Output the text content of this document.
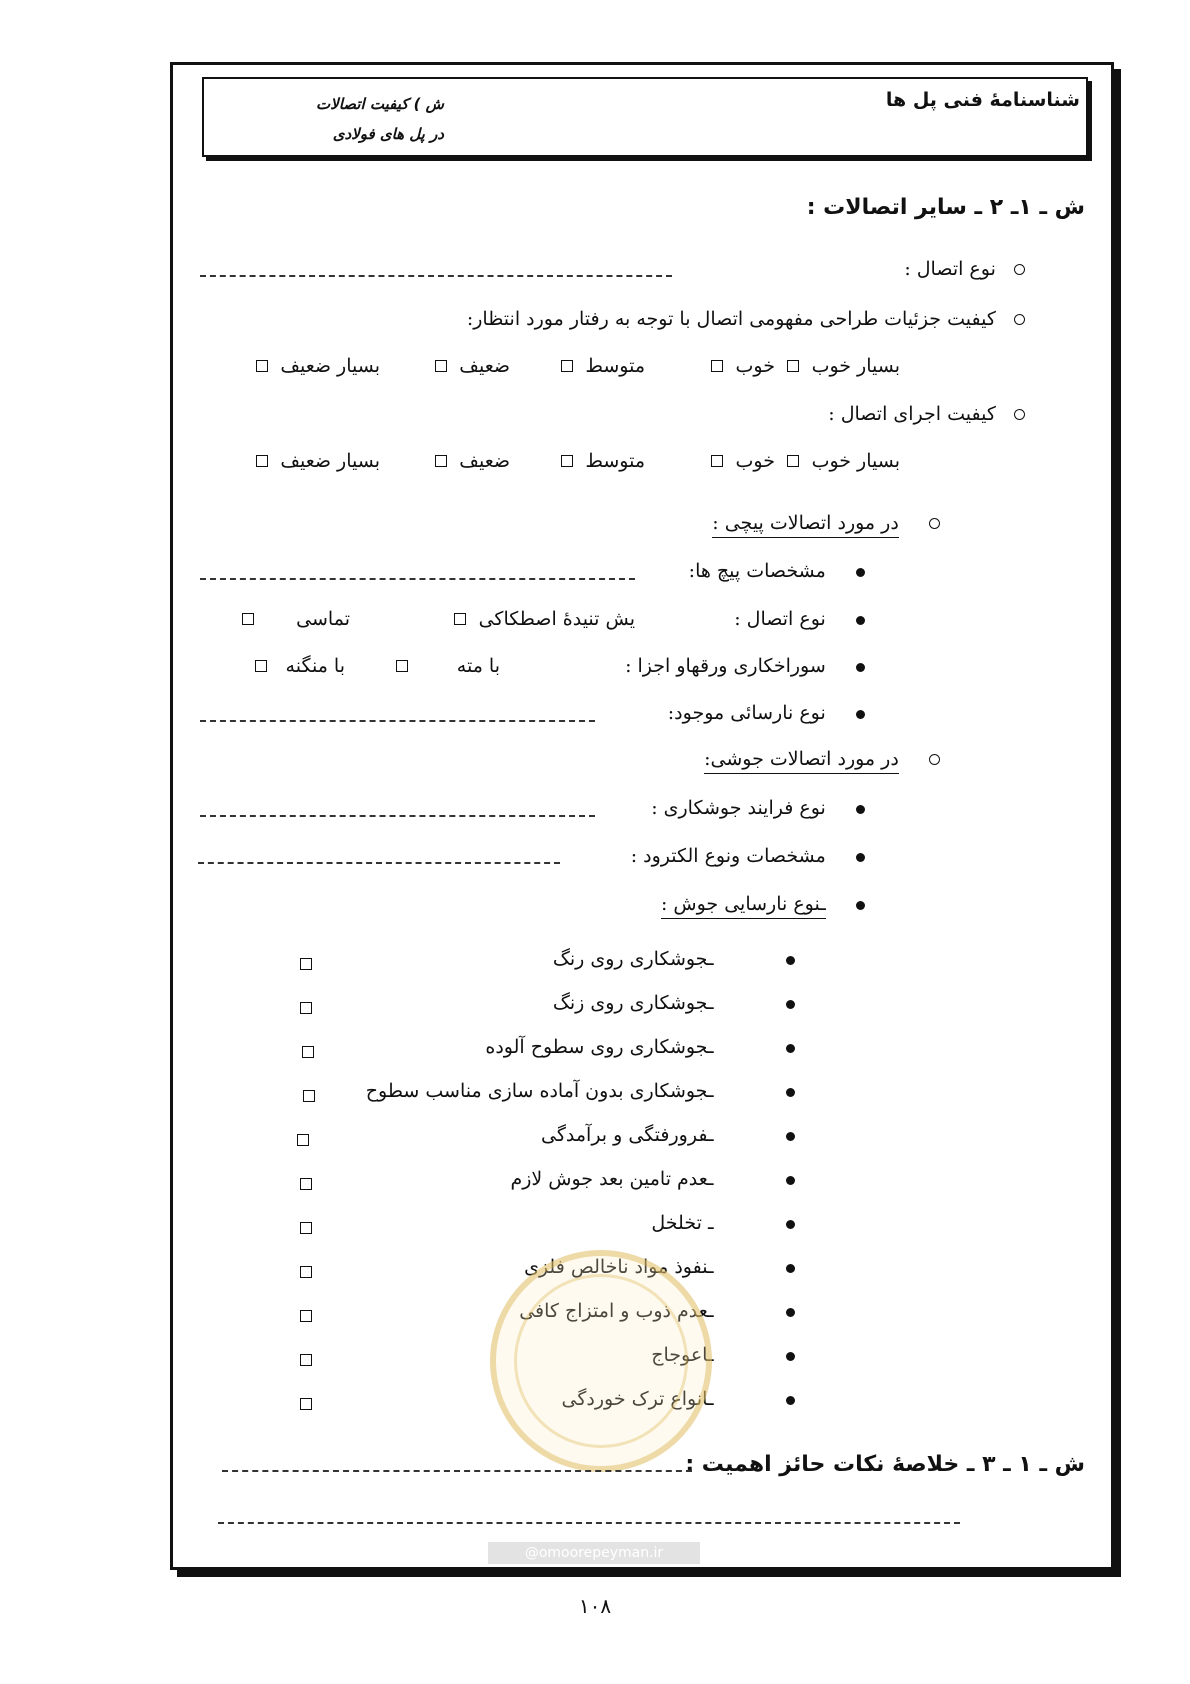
شناسنامهٔ فنی پل ها
ش ) کیفیت اتصالات
در پل های فولادی
ش ـ ۱ـ ۲ ـ سایر اتصالات :
نوع اتصال :
کیفیت جزئیات طراحی مفهومی اتصال با توجه به رفتار مورد انتظار:
بسیار خوب
خوب
متوسط
ضعیف
بسیار ضعیف
کیفیت اجرای اتصال :
بسیار خوب
خوب
متوسط
ضعیف
بسیار ضعیف
در مورد اتصالات پیچی :
مشخصات پیچ ها:
نوع اتصال :
یش تنیدهٔ اصطکاکی
تماسی
سوراخکاری ورقهاو اجزا :
با مته
با منگنه
نوع نارسائی موجود:
در مورد اتصالات جوشی:
نوع فرایند جوشکاری :
مشخصات ونوع الکترود :
ـنوع نارسایی جوش :
ـجوشکاری روی رنگ
ـجوشکاری روی زنگ
ـجوشکاری روی سطوح آلوده
ـجوشکاری بدون آماده سازی مناسب سطوح
ـفرورفتگی و برآمدگی
ـعدم تامین بعد جوش لازم
ـ تخلخل
ـنفوذ مواد ناخالص فلزی
ـعدم ذوب و امتزاج کافی
ـاعوجاج
ـانواع ترک خوردگی
ش ـ ۱ ـ ۳ ـ خلاصهٔ نکات حائز اهمیت :
@omoorepeyman.ir
۱۰۸
